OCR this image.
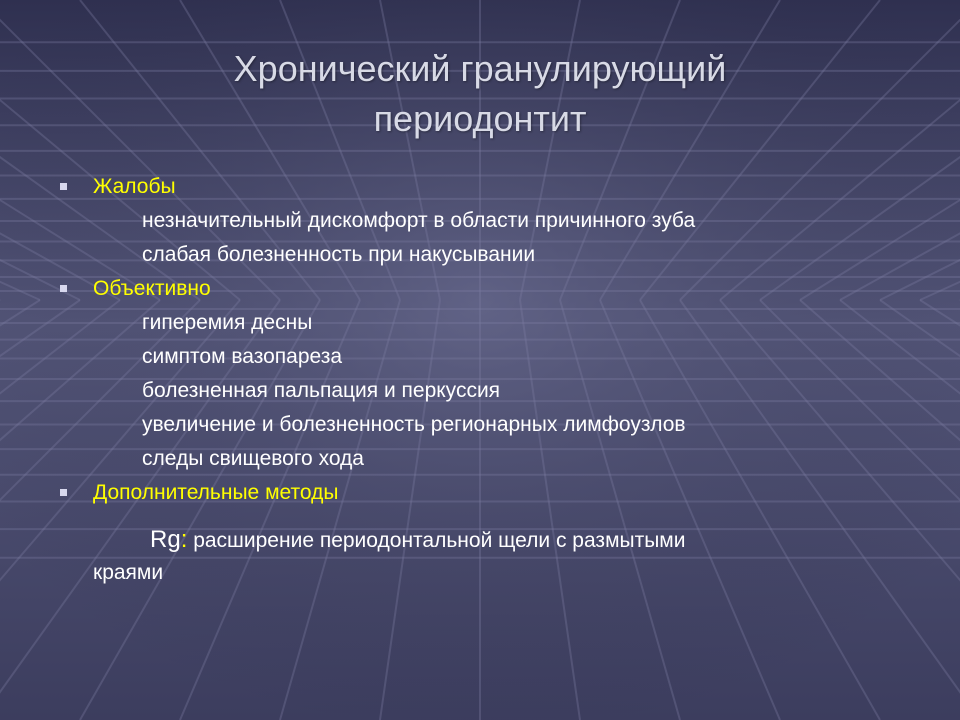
Хронический гранулирующий
периодонтит
Жалобы
незначительный дискомфорт в области причинного зуба
слабая болезненность при накусывании
Объективно
гиперемия десны
симптом вазопареза
болезненная пальпация и перкуссия
увеличение и болезненность регионарных лимфоузлов
следы свищевого хода
Дополнительные методы
Rg: расширение периодонтальной щели с размытыми
краями
